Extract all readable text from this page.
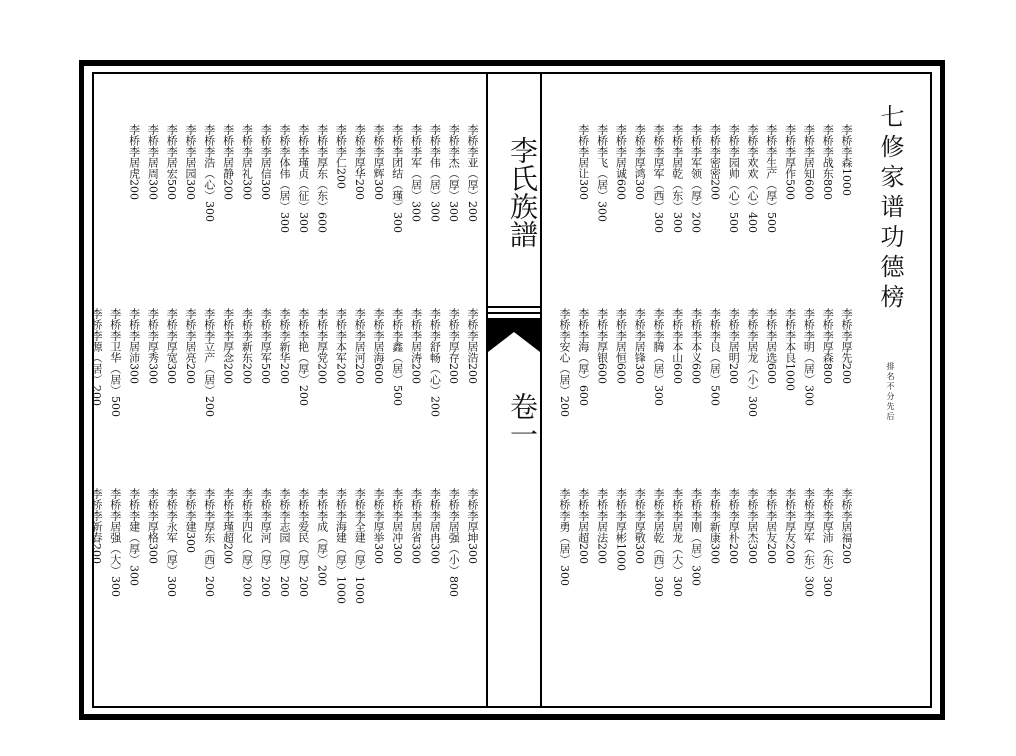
李氏族譜
卷一
七修家谱功德榜
排名不分先后
李桥李森1000
李桥李战东800
李桥李居知600
李桥李厚作500
李桥李生产（厚）500
李桥李欢欢（心）400
李桥李园帅（心）500
李桥李密密200
李桥李军领（厚）200
李桥李居乾（东）300
李桥李厚军（西）300
李桥李厚鸿300
李桥李居诚600
李桥李飞（居）300
李桥李居让300
李桥李厚先200
李桥李厚森800
李桥李明（居）300
李桥李本良1000
李桥李居选600
李桥李居龙（小）300
李桥李居明200
李桥李良（居）500
李桥李本义600
李桥李本山600
李桥李腾（居）300
李桥李居锋300
李桥李居恒600
李桥李厚银600
李桥李海（厚）600
李桥李安心（居）200
李桥李居福200
李桥李厚沛（东）300
李桥李厚军（东）300
李桥李厚友200
李桥李居友200
李桥李居杰300
李桥李厚朴200
李桥李新康300
李桥李刚（居）300
李桥李居龙（大）300
李桥李居乾（西）300
李桥李厚敬300
李桥李厚彬1000
李桥李居法200
李桥李居超200
李桥李勇（居）300
李桥李亚（厚）200
李桥李杰（厚）300
李桥李伟（居）300
李桥李军（居）300
李桥李团结（瑾）300
李桥李厚辉300
李桥李厚华200
李桥李仁200
李桥李厚东（东）600
李桥李瑾贞（征）300
李桥李体伟（居）300
李桥李居信300
李桥李居礼300
李桥李居静200
李桥李浩（心）300
李桥李居园300
李桥李居宏500
李桥李居周300
李桥李居虎200
李桥李居浩200
李桥李厚存200
李桥李舒畅（心）200
李桥李居涛200
李桥李鑫（居）500
李桥李居海600
李桥李居河200
李桥李本军200
李桥李厚党200
李桥李艳（厚）200
李桥李新华200
李桥李厚军500
李桥李新东200
李桥李厚念200
李桥李立产（居）200
李桥李居亮200
李桥李厚宽300
李桥李厚秀300
李桥李居沛300
李桥李卫华（居）500
李桥李源（居）200
李桥李厚坤300
李桥李居强（小）800
李桥李居冉300
李桥李居省300
李桥李居冲300
李桥李厚举300
李桥李全建（厚）1000
李桥李海建（厚）1000
李桥李成（厚）200
李桥李爱民（厚）200
李桥李志园（厚）200
李桥李厚河（厚）200
李桥李四化（厚）200
李桥李瑾超200
李桥李厚东（西）200
李桥李建300
李桥李永军（厚）300
李桥李厚格300
李桥李建（厚）300
李桥李居强（大）300
李桥李新春200
